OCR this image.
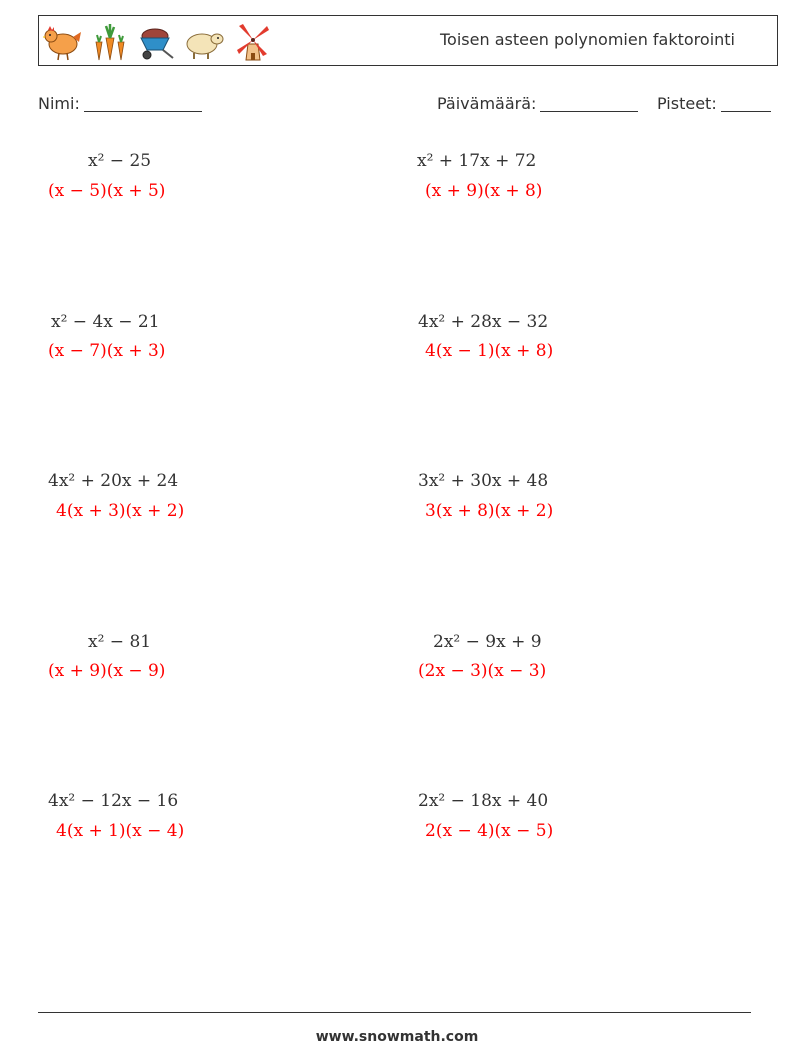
Toisen asteen polynomien faktorointi
Nimi:	Päivämäärä:	Pisteet:
x² − 25
(x − 5)(x + 5)
x² + 17x + 72
(x + 9)(x + 8)
x² − 4x − 21
(x − 7)(x + 3)
4x² + 28x − 32
4(x − 1)(x + 8)
4x² + 20x + 24
4(x + 3)(x + 2)
3x² + 30x + 48
3(x + 8)(x + 2)
x² − 81
(x + 9)(x − 9)
2x² − 9x + 9
(2x − 3)(x − 3)
4x² − 12x − 16
4(x + 1)(x − 4)
2x² − 18x + 40
2(x − 4)(x − 5)
www.snowmath.com
